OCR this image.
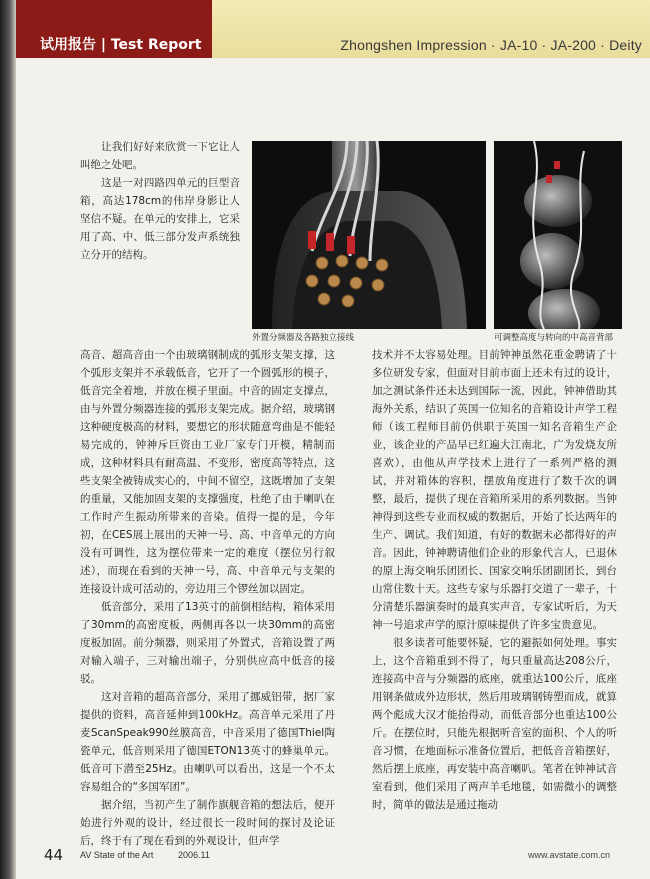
试用报告 | Test Report	Zhongshen Impression · JA-10 · JA-200 · Deity

让我们好好来欣赏一下它让人叫绝之处吧。

这是一对四路四单元的巨型音箱，高达178cm的伟岸身影让人坚信不疑。在单元的安排上，它采用了高、中、低三部分发声系统独立分开的结构。

外置分频器及各路独立接线	可调整高度与转向的中高音背部

高音、超高音由一个由玻璃钢制成的弧形支架支撑，这个弧形支架并不承载低音，它开了一个圆弧形的模子，低音完全着地，并放在模子里面。中音的固定支撑点，由与外置分频器连接的弧形支架完成。据介绍，玻璃钢这种硬度极高的材料，要想它的形状随意弯曲是不能轻易完成的，钟神斥巨资由工业厂家专门开模，精制而成，这种材料具有耐高温、不变形，密度高等特点，这些支架全被铸成实心的，中间不留空，这既增加了支架的重量，又能加固支架的支撑强度，杜绝了由于喇叭在工作时产生振动所带来的音染。值得一提的是，今年初，在CES展上展出的天神一号、高、中音单元的方向没有可调性，这为摆位带来一定的难度（摆位另行叙述），而现在看到的天神一号，高、中音单元与支架的连接设计成可活动的，旁边用三个锣丝加以固定。

低音部分，采用了13英寸的前倒相结构，箱体采用了30mm的高密度板，两侧再各以一块30mm的高密度板加固。前分频器，则采用了外置式，音箱设置了两对输入端子，三对输出端子，分别供应高中低音的接驳。

这对音箱的超高音部分，采用了挪威铝带，据厂家提供的资料，高音延伸到100kHz。高音单元采用了丹麦ScanSpeak990丝膜高音，中音采用了德国Thiel陶瓷单元，低音则采用了德国ETON13英寸的蜂巢单元。低音可下潜至25Hz。由喇叭可以看出，这是一个不太容易组合的“多国军团”。

据介绍，当初产生了制作旗舰音箱的想法后，便开始进行外观的设计，经过很长一段时间的探讨及论证后，终于有了现在看到的外观设计，但声学

技术并不太容易处理。目前钟神虽然花重金聘请了十多位研发专家，但面对目前市面上还未有过的设计，加之测试条件还未达到国际一流，因此，钟神借助其海外关系，结识了英国一位知名的音箱设计声学工程师（该工程师目前仍供职于英国一知名音箱生产企业，该企业的产品早已红遍大江南北，广为发烧友所喜欢），由他从声学技术上进行了一系列严格的测试，并对箱体的容积，摆放角度进行了数千次的调整，最后，提供了现在音箱所采用的系列数据。当钟神得到这些专业而权威的数据后，开始了长达两年的生产、调试。我们知道，有好的数据未必都得好的声音。因此，钟神聘请他们企业的形象代言人，已退休的原上海交响乐团团长、国家交响乐团副团长，到台山常住数十天。这些专家与乐器打交道了一辈子，十分清楚乐器演奏时的最真实声音，专家试听后，为天神一号追求声学的原汁原味提供了许多宝贵意见。

很多读者可能要怀疑，它的避振如何处理。事实上，这个音箱重到不得了，每只重量高达208公斤，连接高中音与分频器的底座，就重达100公斤，底座用钢条做成外边形状，然后用玻璃钢铸塑而成，就算两个彪成大汉才能抬得动，而低音部分也重达100公斤。在摆位时，只能先根据听音室的面积、个人的听音习惯，在地面标示准备位置后，把低音音箱摆好，然后摆上底座，再安装中高音喇叭。笔者在钟神试音室看到，他们采用了两声羊毛地毯，如需微小的调整时，简单的做法是通过拖动

44 AV State of the Art	2006.11	www.avstate.com.cn
